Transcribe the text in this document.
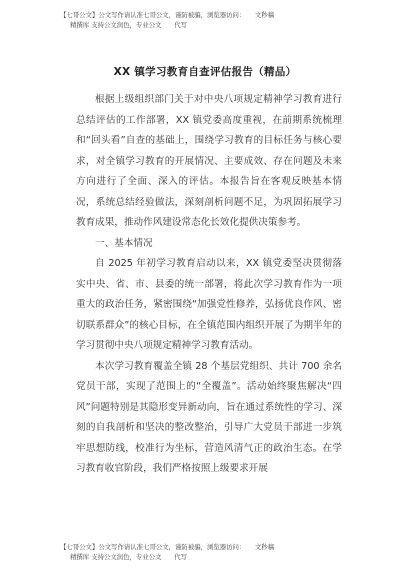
【七哥公文】公文写作请认准七哥公文，谨防被骗，浏览器访问：　　文秒稿
精撰库 支持公文润色，专业公文　　代写
XX 镇学习教育自查评估报告（精品）

根据上级组织部门关于对中央八项规定精神学习教育进行总结评估的工作部署，XX 镇党委高度重视，在前期系统梳理和“回头看”自查的基础上，围绕学习教育的目标任务与核心要求，对全镇学习教育的开展情况、主要成效、存在问题及未来方向进行了全面、深入的评估。本报告旨在客观反映基本情况，系统总结经验做法，深刻剖析问题不足，为巩固拓展学习教育成果，推动作风建设常态化长效化提供决策参考。

一、基本情况

自 2025 年初学习教育启动以来，XX 镇党委坚决贯彻落实中央、省、市、县委的统一部署，将此次学习教育作为一项重大的政治任务，紧密围绕“加强党性修养，弘扬优良作风、密切联系群众”的核心目标，在全镇范围内组织开展了为期半年的学习贯彻中央八项规定精神学习教育活动。

本次学习教育覆盖全镇 28 个基层党组织、共计 700 余名党员干部，实现了范围上的“全覆盖”。活动始终聚焦解决“四风”问题特别是其隐形变异新动向，旨在通过系统性的学习、深刻的自我剖析和坚决的整改整治，引导广大党员干部进一步筑牢思想防线，校准行为坐标，营造风清气正的政治生态。在学习教育收官阶段，我们严格按照上级要求开展

【七哥公文】公文写作请认准七哥公文，谨防被骗，浏览器访问：　　文秒稿
精撰库 支持公文润色，专业公文　　代写
